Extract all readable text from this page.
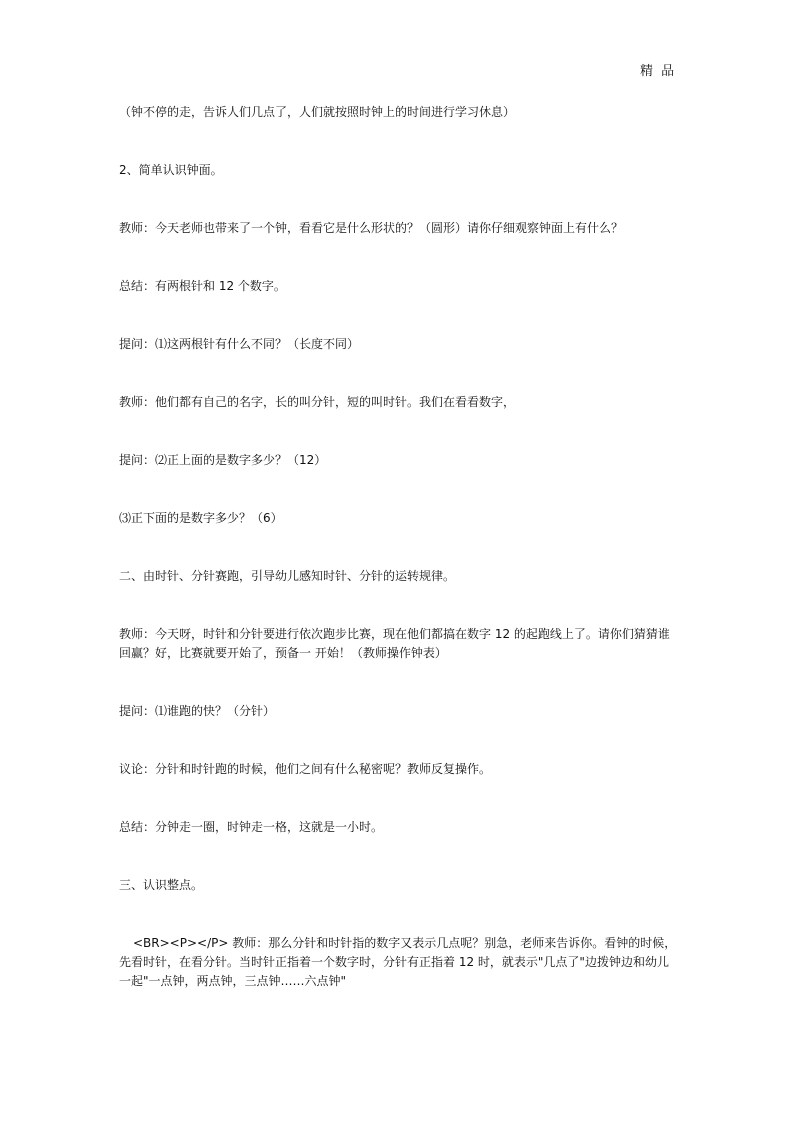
精 品

（钟不停的走，告诉人们几点了，人们就按照时钟上的时间进行学习休息）

2、简单认识钟面。

教师：今天老师也带来了一个钟，看看它是什么形状的？（圆形）请你仔细观察钟面上有什么？

总结：有两根针和 12 个数字。

提问：⑴这两根针有什么不同？（长度不同）

教师：他们都有自己的名字，长的叫分针，短的叫时针。我们在看看数字，

提问：⑵正上面的是数字多少？（12）

⑶正下面的是数字多少？（6）

二、由时针、分针赛跑，引导幼儿感知时针、分针的运转规律。

教师：今天呀，时针和分针要进行依次跑步比赛，现在他们都搞在数字 12 的起跑线上了。请你们猜猜谁回赢？好，比赛就要开始了，预备一 开始！（教师操作钟表）

提问：⑴谁跑的快？（分针）

议论：分针和时针跑的时候，他们之间有什么秘密呢？教师反复操作。

总结：分钟走一圈，时钟走一格，这就是一小时。

三、认识整点。

<BR><P></P> 教师：那么分针和时针指的数字又表示几点呢？别急，老师来告诉你。看钟的时候，先看时针，在看分针。当时针正指着一个数字时，分针有正指着 12 时，就表示"几点了"边拨钟边和幼儿一起"一点钟，两点钟，三点钟……六点钟"
